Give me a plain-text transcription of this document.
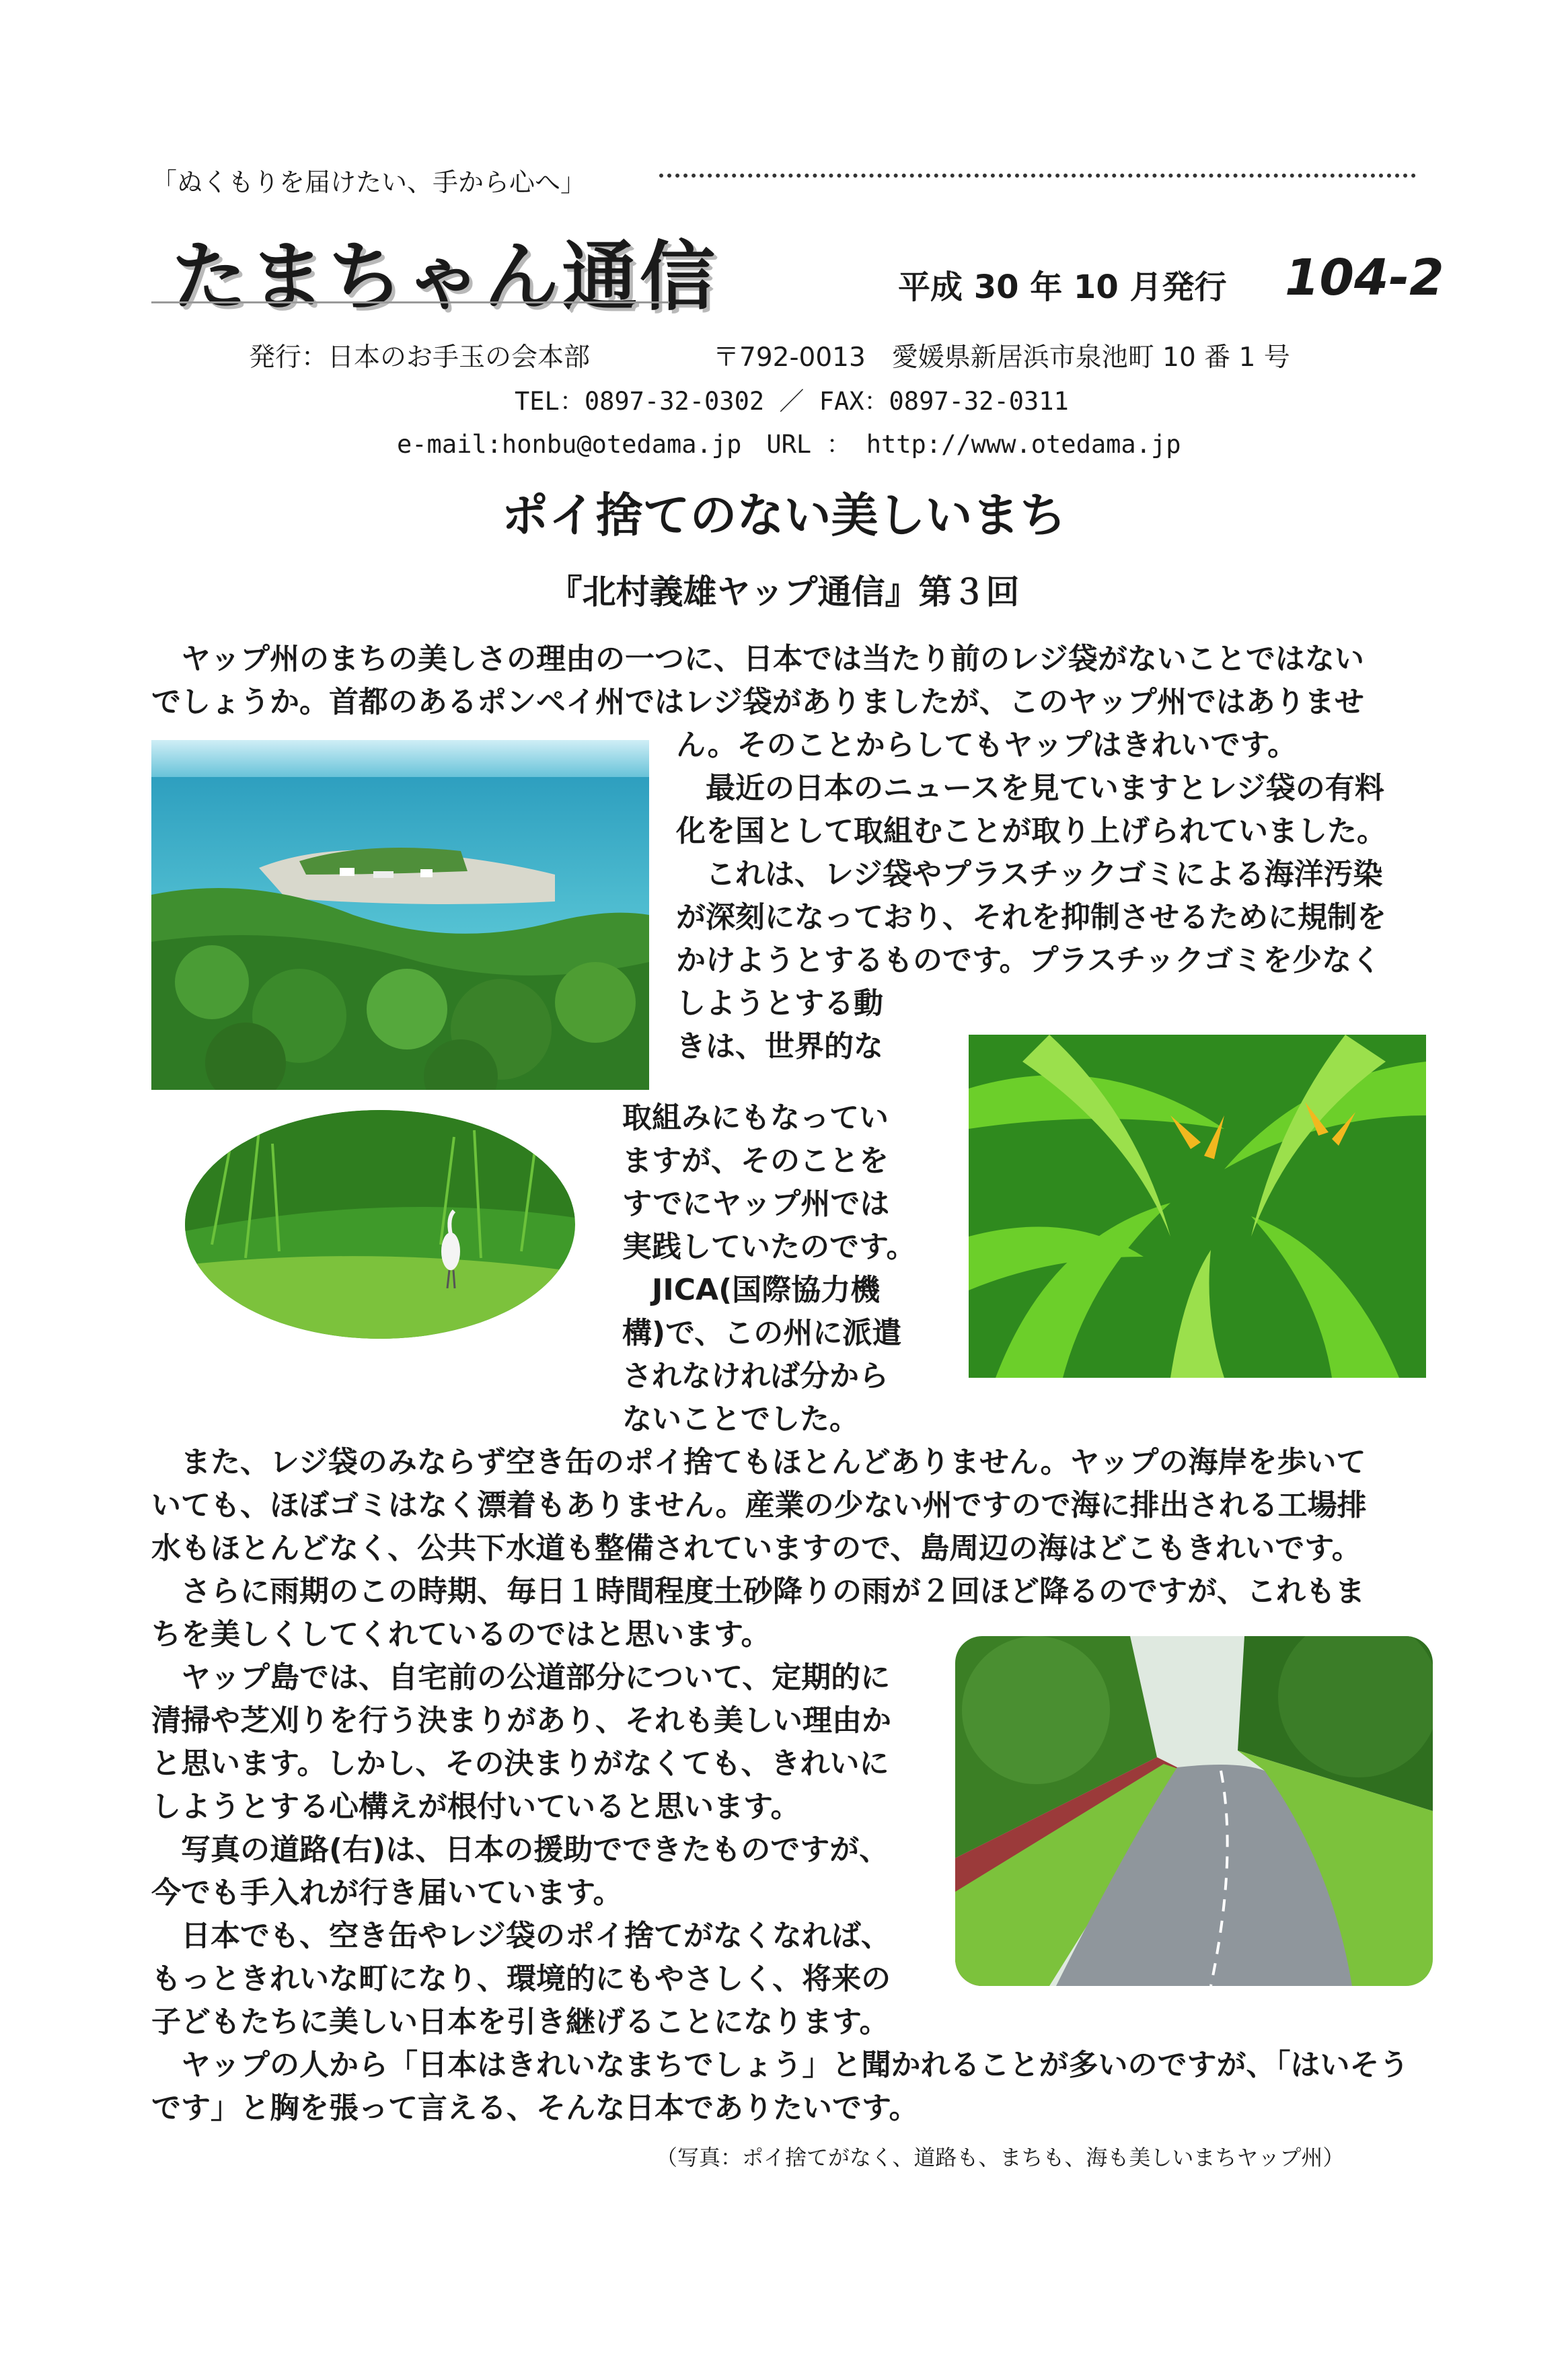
「ぬくもりを届けたい、手から心へ」
たまちゃん通信	平成 30 年 10 月発行 104-2
発行：日本のお手玉の会本部	〒792-0013　愛媛県新居浜市泉池町 10 番 1 号
TEL：0897-32-0302 ／ FAX：0897-32-0311
e-mail:honbu@otedama.jp　URL ： http://www.otedama.jp
ポイ捨てのない美しいまち
『北村義雄ヤップ通信』第３回
　ヤップ州のまちの美しさの理由の一つに、日本では当たり前のレジ袋がないことではない
でしょうか。首都のあるポンペイ州ではレジ袋がありましたが、このヤップ州ではありませ
ん。そのことからしてもヤップはきれいです。
　最近の日本のニュースを見ていますとレジ袋の有料
化を国として取組むことが取り上げられていました。
　これは、レジ袋やプラスチックゴミによる海洋汚染
が深刻になっており、それを抑制させるために規制を
かけようとするものです。プラスチックゴミを少なく
しようとする動
きは、世界的な
取組みにもなってい
ますが、そのことを
すでにヤップ州では
実践していたのです。
　JICA(国際協力機
構)で、この州に派遣
されなければ分から
ないことでした。
　また、レジ袋のみならず空き缶のポイ捨てもほとんどありません。ヤップの海岸を歩いて
いても、ほぼゴミはなく漂着もありません。産業の少ない州ですので海に排出される工場排
水もほとんどなく、公共下水道も整備されていますので、島周辺の海はどこもきれいです。
　さらに雨期のこの時期、毎日１時間程度土砂降りの雨が２回ほど降るのですが、これもま
ちを美しくしてくれているのではと思います。
　ヤップ島では、自宅前の公道部分について、定期的に
清掃や芝刈りを行う決まりがあり、それも美しい理由か
と思います。しかし、その決まりがなくても、きれいに
しようとする心構えが根付いていると思います。
　写真の道路(右)は、日本の援助でできたものですが、
今でも手入れが行き届いています。
　日本でも、空き缶やレジ袋のポイ捨てがなくなれば、
もっときれいな町になり、環境的にもやさしく、将来の
子どもたちに美しい日本を引き継げることになります。
　ヤップの人から「日本はきれいなまちでしょう」と聞かれることが多いのですが、「はいそう
です」と胸を張って言える、そんな日本でありたいです。
（写真：ポイ捨てがなく、道路も、まちも、海も美しいまちヤップ州）
